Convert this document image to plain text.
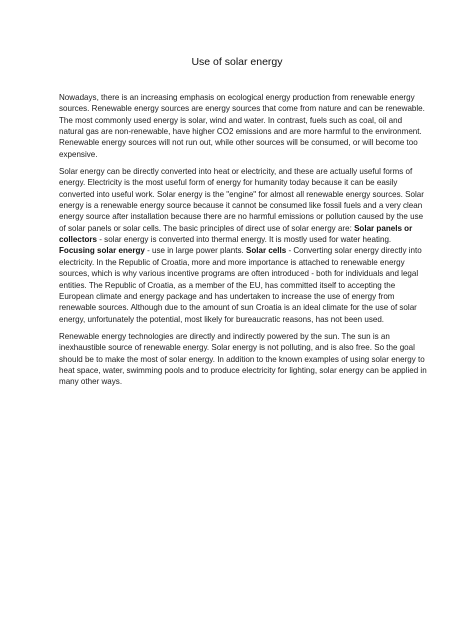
Use of solar energy

Nowadays, there is an increasing emphasis on ecological energy production from renewable energy sources. Renewable energy sources are energy sources that come from nature and can be renewable. The most commonly used energy is solar, wind and water. In contrast, fuels such as coal, oil and natural gas are non-renewable, have higher CO2 emissions and are more harmful to the environment. Renewable energy sources will not run out, while other sources will be consumed, or will become too expensive.

Solar energy can be directly converted into heat or electricity, and these are actually useful forms of energy. Electricity is the most useful form of energy for humanity today because it can be easily converted into useful work. Solar energy is the "engine" for almost all renewable energy sources. Solar energy is a renewable energy source because it cannot be consumed like fossil fuels and a very clean energy source after installation because there are no harmful emissions or pollution caused by the use of solar panels or solar cells. The basic principles of direct use of solar energy are: Solar panels or collectors - solar energy is converted into thermal energy. It is mostly used for water heating. Focusing solar energy - use in large power plants. Solar cells - Converting solar energy directly into electricity. In the Republic of Croatia, more and more importance is attached to renewable energy sources, which is why various incentive programs are often introduced - both for individuals and legal entities. The Republic of Croatia, as a member of the EU, has committed itself to accepting the European climate and energy package and has undertaken to increase the use of energy from renewable sources. Although due to the amount of sun Croatia is an ideal climate for the use of solar energy, unfortunately the potential, most likely for bureaucratic reasons, has not been used.

Renewable energy technologies are directly and indirectly powered by the sun. The sun is an inexhaustible source of renewable energy. Solar energy is not polluting, and is also free. So the goal should be to make the most of solar energy. In addition to the known examples of using solar energy to heat space, water, swimming pools and to produce electricity for lighting, solar energy can be applied in many other ways.
